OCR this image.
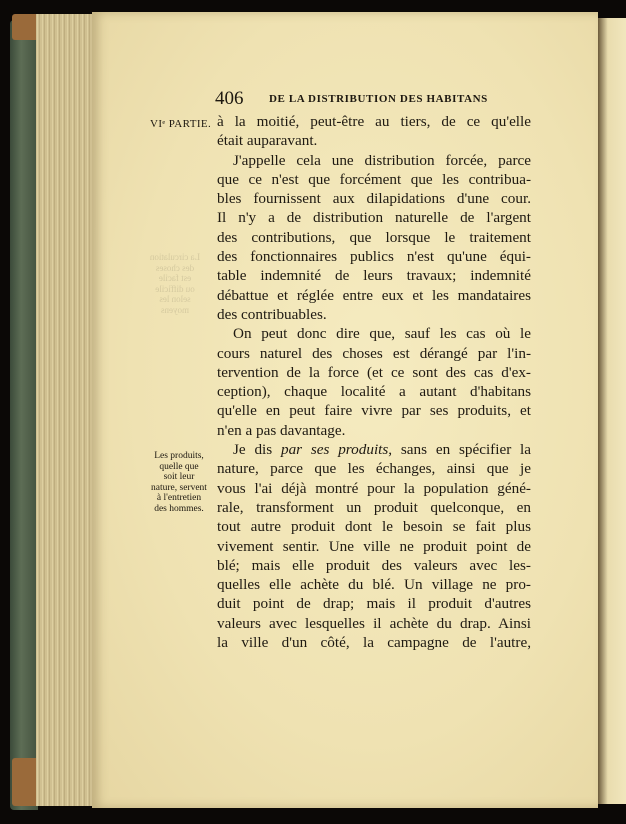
406 DE LA DISTRIBUTION DES HABITANS
VIᵉ PARTIE.
La circulation
des choses
est facile
ou difficile
selon les
moyens
Les produits,
quelle que
soit leur
nature, servent
à l'entretien
des hommes.
à la moitié, peut-être au tiers, de ce qu'elle
était auparavant.
J'appelle cela une distribution forcée, parce
que ce n'est que forcément que les contribua-
bles fournissent aux dilapidations d'une cour.
Il n'y a de distribution naturelle de l'argent
des contributions, que lorsque le traitement
des fonctionnaires publics n'est qu'une équi-
table indemnité de leurs travaux; indemnité
débattue et réglée entre eux et les mandataires
des contribuables.
On peut donc dire que, sauf les cas où le
cours naturel des choses est dérangé par l'in-
tervention de la force (et ce sont des cas d'ex-
ception), chaque localité a autant d'habitans
qu'elle en peut faire vivre par ses produits, et
n'en a pas davantage.
Je dis par ses produits, sans en spécifier la
nature, parce que les échanges, ainsi que je
vous l'ai déjà montré pour la population géné-
rale, transforment un produit quelconque, en
tout autre produit dont le besoin se fait plus
vivement sentir. Une ville ne produit point de
blé; mais elle produit des valeurs avec les-
quelles elle achète du blé. Un village ne pro-
duit point de drap; mais il produit d'autres
valeurs avec lesquelles il achète du drap. Ainsi
la ville d'un côté, la campagne de l'autre,
